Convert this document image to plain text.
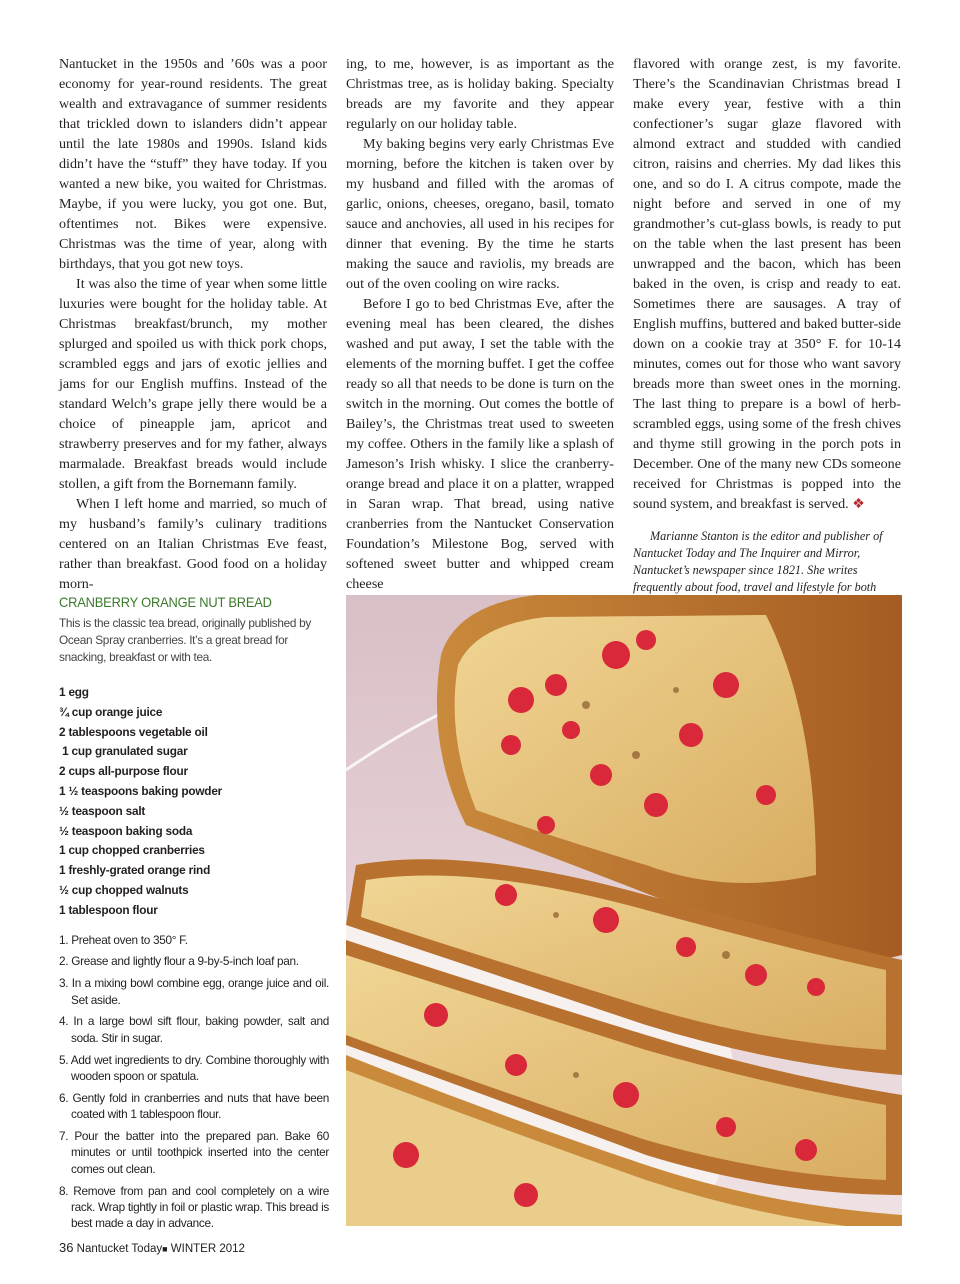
Nantucket in the 1950s and ’60s was a poor economy for year-round residents. The great wealth and extravagance of summer residents that trickled down to islanders didn’t appear until the late 1980s and 1990s. Island kids didn’t have the “stuff” they have today. If you wanted a new bike, you waited for Christmas. Maybe, if you were lucky, you got one. But, oftentimes not. Bikes were expensive. Christmas was the time of year, along with birthdays, that you got new toys.

It was also the time of year when some little luxuries were bought for the holiday table. At Christmas breakfast/brunch, my mother splurged and spoiled us with thick pork chops, scrambled eggs and jars of exotic jellies and jams for our English muffins. Instead of the standard Welch’s grape jelly there would be a choice of pineapple jam, apricot and strawberry preserves and for my father, always marmalade. Breakfast breads would include stollen, a gift from the Bornemann family.

When I left home and married, so much of my husband’s family’s culinary traditions centered on an Italian Christmas Eve feast, rather than breakfast. Good food on a holiday morn-

ing, to me, however, is as important as the Christmas tree, as is holiday baking. Specialty breads are my favorite and they appear regularly on our holiday table.

My baking begins very early Christmas Eve morning, before the kitchen is taken over by my husband and filled with the aromas of garlic, onions, cheeses, oregano, basil, tomato sauce and anchovies, all used in his recipes for dinner that evening. By the time he starts making the sauce and raviolis, my breads are out of the oven cooling on wire racks.

Before I go to bed Christmas Eve, after the evening meal has been cleared, the dishes washed and put away, I set the table with the elements of the morning buffet. I get the coffee ready so all that needs to be done is turn on the switch in the morning. Out comes the bottle of Bailey’s, the Christmas treat used to sweeten my coffee. Others in the family like a splash of Jameson’s Irish whisky. I slice the cranberry-orange bread and place it on a platter, wrapped in Saran wrap. That bread, using native cranberries from the Nantucket Conservation Foundation’s Milestone Bog, served with softened sweet butter and whipped cream cheese

flavored with orange zest, is my favorite. There’s the Scandinavian Christmas bread I make every year, festive with a thin confectioner’s sugar glaze flavored with almond extract and studded with candied citron, raisins and cherries. My dad likes this one, and so do I. A citrus compote, made the night before and served in one of my grandmother’s cut-glass bowls, is ready to put on the table when the last present has been unwrapped and the bacon, which has been baked in the oven, is crisp and ready to eat. Sometimes there are sausages. A tray of English muffins, buttered and baked butter-side down on a cookie tray at 350° F. for 10-14 minutes, comes out for those who want savory breads more than sweet ones in the morning. The last thing to prepare is a bowl of herb-scrambled eggs, using some of the fresh chives and thyme still growing in the porch pots in December. One of the many new CDs someone received for Christmas is popped into the sound system, and breakfast is served. ❖

Marianne Stanton is the editor and publisher of Nantucket Today and The Inquirer and Mirror, Nantucket’s newspaper since 1821. She writes frequently about food, travel and lifestyle for both

CRANBERRY ORANGE NUT BREAD
This is the classic tea bread, originally published by Ocean Spray cranberries. It’s a great bread for snacking, breakfast or with tea.
1 egg
¾ cup orange juice
2 tablespoons vegetable oil
1 cup granulated sugar
2 cups all-purpose flour
1 ½ teaspoons baking powder
½ teaspoon salt
½ teaspoon baking soda
1 cup chopped cranberries
1 freshly-grated orange rind
½ cup chopped walnuts
1 tablespoon flour
1. Preheat oven to 350° F.
2. Grease and lightly flour a 9-by-5-inch loaf pan.
3. In a mixing bowl combine egg, orange juice and oil. Set aside.
4. In a large bowl sift flour, baking powder, salt and soda. Stir in sugar.
5. Add wet ingredients to dry. Combine thoroughly with wooden spoon or spatula.
6. Gently fold in cranberries and nuts that have been coated with 1 tablespoon flour.
7. Pour the batter into the prepared pan. Bake 60 minutes or until toothpick inserted into the center comes out clean.
8. Remove from pan and cool completely on a wire rack. Wrap tightly in foil or plastic wrap. This bread is best made a day in advance.
36 Nantucket Today■ WINTER 2012
